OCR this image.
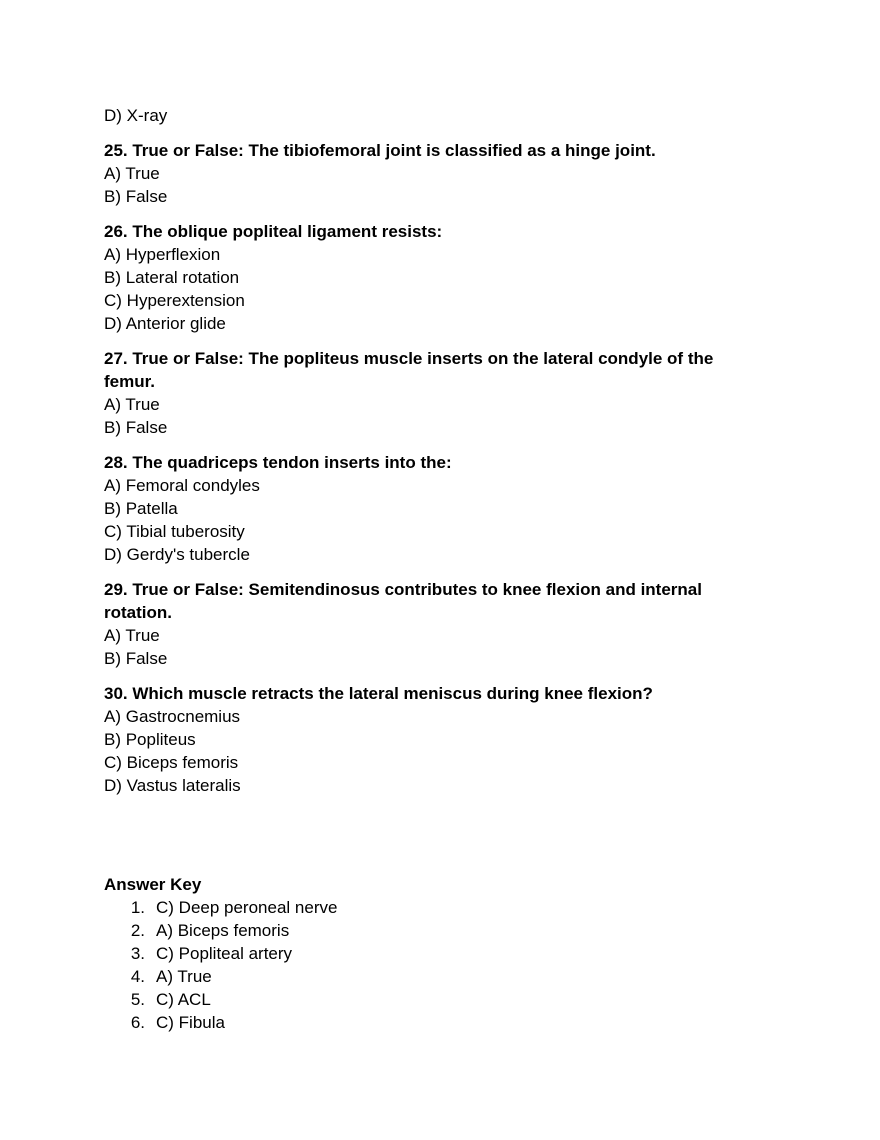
D) X-ray
25. True or False: The tibiofemoral joint is classified as a hinge joint.
A) True
B) False
26. The oblique popliteal ligament resists:
A) Hyperflexion
B) Lateral rotation
C) Hyperextension
D) Anterior glide
27. True or False: The popliteus muscle inserts on the lateral condyle of the femur.
A) True
B) False
28. The quadriceps tendon inserts into the:
A) Femoral condyles
B) Patella
C) Tibial tuberosity
D) Gerdy's tubercle
29. True or False: Semitendinosus contributes to knee flexion and internal rotation.
A) True
B) False
30. Which muscle retracts the lateral meniscus during knee flexion?
A) Gastrocnemius
B) Popliteus
C) Biceps femoris
D) Vastus lateralis
Answer Key
1. C) Deep peroneal nerve
2. A) Biceps femoris
3. C) Popliteal artery
4. A) True
5. C) ACL
6. C) Fibula
